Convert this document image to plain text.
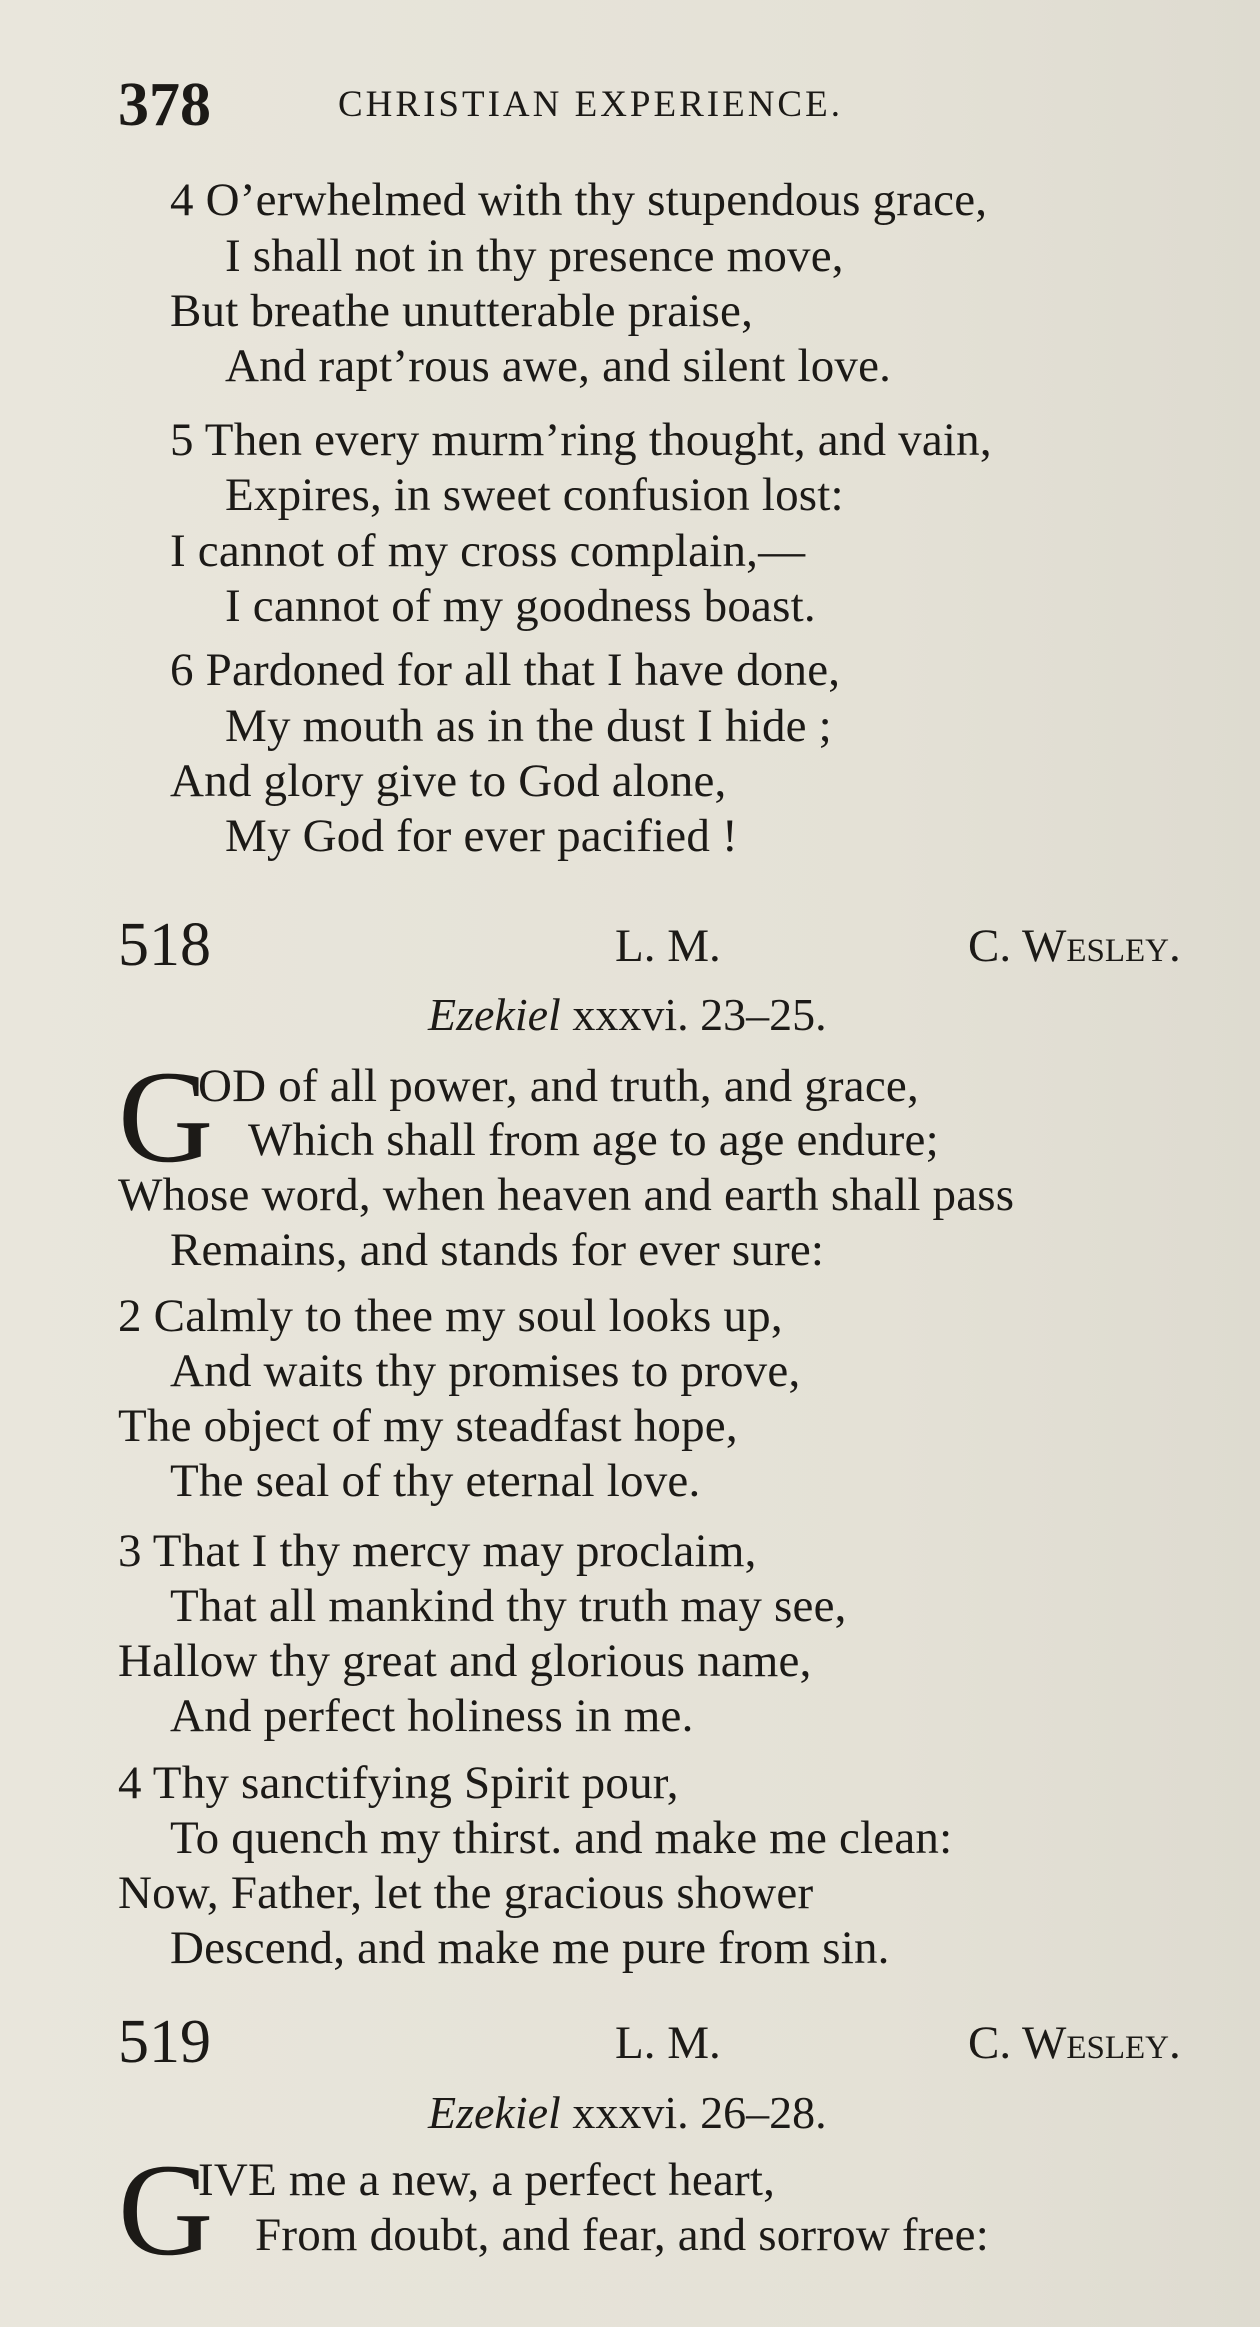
378	CHRISTIAN EXPERIENCE.
4 O’erwhelmed with thy stupendous grace,
I shall not in thy presence move,
But breathe unutterable praise,
And rapt’rous awe, and silent love.
5 Then every murm’ring thought, and vain,
Expires, in sweet confusion lost:
I cannot of my cross complain,—
I cannot of my goodness boast.
6 Pardoned for all that I have done,
My mouth as in the dust I hide ;
And glory give to God alone,
My God for ever pacified !
518	L. M.	C. Wesley.
Ezekiel xxxvi. 23–25.
G
OD of all power, and truth, and grace,
Which shall from age to age endure;
Whose word, when heaven and earth shall pass
Remains, and stands for ever sure:
2 Calmly to thee my soul looks up,
And waits thy promises to prove,
The object of my steadfast hope,
The seal of thy eternal love.
3 That I thy mercy may proclaim,
That all mankind thy truth may see,
Hallow thy great and glorious name,
And perfect holiness in me.
4 Thy sanctifying Spirit pour,
To quench my thirst. and make me clean:
Now, Father, let the gracious shower
Descend, and make me pure from sin.
519	L. M.	C. Wesley.
Ezekiel xxxvi. 26–28.
G
IVE me a new, a perfect heart,
From doubt, and fear, and sorrow free:
